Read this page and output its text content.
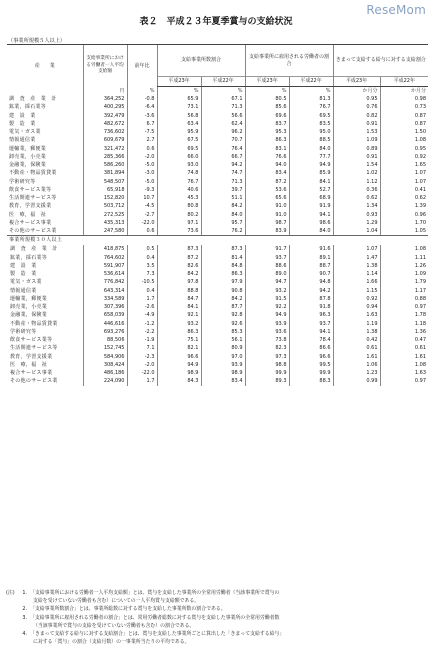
ReseMom
表２　平成２３年夏季賞与の支給状況
（事業所規模５人以上）
産　　業	支給事業所における労働者一人平均支給額	前年比	支給事業所数割合		支給事業所に雇用される労働者の割合		きまって支給する給与に対する支給割合	
			平成23年	平成22年	平成23年	平成22年	平成23年	平成22年
	円	%	%	%	%	%	か月分	か月分
調　査　産　業　計	364,252	-0.8	65.9	67.1	80.5	81.3	0.95	0.98
鉱業，採石業等	400,295	-6.4	73.1	71.3	85.6	76.7	0.76	0.73
建　設　業	392,479	-3.6	56.8	56.6	69.6	69.5	0.82	0.87
製　造　業	482,672	6.7	63.4	62.4	83.7	83.5	0.91	0.87
電気・ガス業	736,602	-7.5	95.9	96.2	95.3	95.0	1.53	1.50
情報通信業	609,679	2.7	67.5	70.7	86.3	88.5	1.09	1.08
運輸業，郵便業	321,472	0.6	69.5	76.4	83.1	84.0	0.89	0.95
卸売業，小売業	285,366	-2.0	66.0	66.7	76.6	77.7	0.91	0.92
金融業，保険業	586,260	-5.0	93.0	94.2	94.0	94.9	1.54	1.65
不動産・物品賃貸業	381,894	-3.0	74.8	74.7	83.4	85.9	1.02	1.07
学術研究等	548,507	-5.0	76.7	71.3	87.2	84.1	1.12	1.07
飲食サービス業等	65,918	-9.3	40.6	39.7	53.6	52.7	0.36	0.41
生活関連サービス等	152,820	10.7	45.3	51.1	65.6	68.9	0.62	0.62
教育，学習支援業	503,712	-4.5	80.8	84.2	91.0	91.9	1.34	1.39
医　療，福　祉	272,525	-2.7	80.2	84.0	91.0	94.1	0.93	0.96
複合サービス事業	435,313	-22.0	97.1	95.7	98.7	98.6	1.29	1.70
その他のサービス業	247,580	0.6	73.6	76.2	83.9	84.0	1.04	1.05

事業所規模３０人以上								
調　査　産　業　計	418,875	0.5	87.3	87.3	91.7	91.6	1.07	1.08
鉱業，採石業等	764,602	0.4	87.2	81.4	93.7	89.1	1.47	1.11
建　設　業	591,907	3.5	82.6	84.8	88.6	88.7	1.38	1.26
製　造　業	536,614	7.3	84.2	86.3	89.0	90.7	1.14	1.09
電気・ガス業	776,842	-10.5	97.8	97.9	94.7	94.8	1.66	1.79
情報通信業	643,314	0.4	88.8	90.8	93.2	94.2	1.15	1.17
運輸業，郵便業	334,589	1.7	84.7	84.2	91.5	87.8	0.92	0.88
卸売業，小売業	307,396	-2.6	84.1	87.7	92.2	91.8	0.94	0.97
金融業，保険業	658,039	-4.9	92.1	92.8	94.9	96.3	1.63	1.78
不動産・物品賃貸業	446,616	-1.2	93.2	92.6	93.9	93.7	1.19	1.18
学術研究等	693,276	-2.2	86.3	85.3	93.6	94.1	1.38	1.36
飲食サービス業等	88,506	-1.9	75.1	56.1	73.8	78.4	0.42	0.47
生活関連サービス等	152,745	7.1	82.1	80.9	82.3	86.6	0.61	0.61
教育，学習支援業	584,906	-2.3	96.6	97.0	97.3	96.6	1.61	1.61
医　療，福　祉	308,424	-2.0	94.9	93.9	98.8	99.5	1.06	1.08
複合サービス事業	486,186	-22.0	98.9	98.9	99.9	99.9	1.23	1.63
その他のサービス業	224,090	1.7	84.3	83.4	89.3	88.3	0.99	0.97
(注)	1. 「支給事業所における労働者一人平均支給額」とは、賞与を支給した事業所の全常用労働者（当該事業所で賞与の
支給を受けていない労働者も含む）についての一人平均賞与支給額である。
2. 「支給事業所数割合」とは、事業所総数に対する賞与を支給した事業所数の割合である。
3. 「支給事業所に雇用される労働者の割合」とは、常用労働者総数に対する賞与を支給した事業所の全常用労働者数
（当該事業所で賞与の支給を受けていない労働者も含む）の割合である。
4. 「きまって支給する給与に対する支給割合」とは、賞与を支給した事業所ごとに算出した「きまって支給する給与」
に対する「賞与」の割合（支給月数）の一事業所当たりの平均である。
